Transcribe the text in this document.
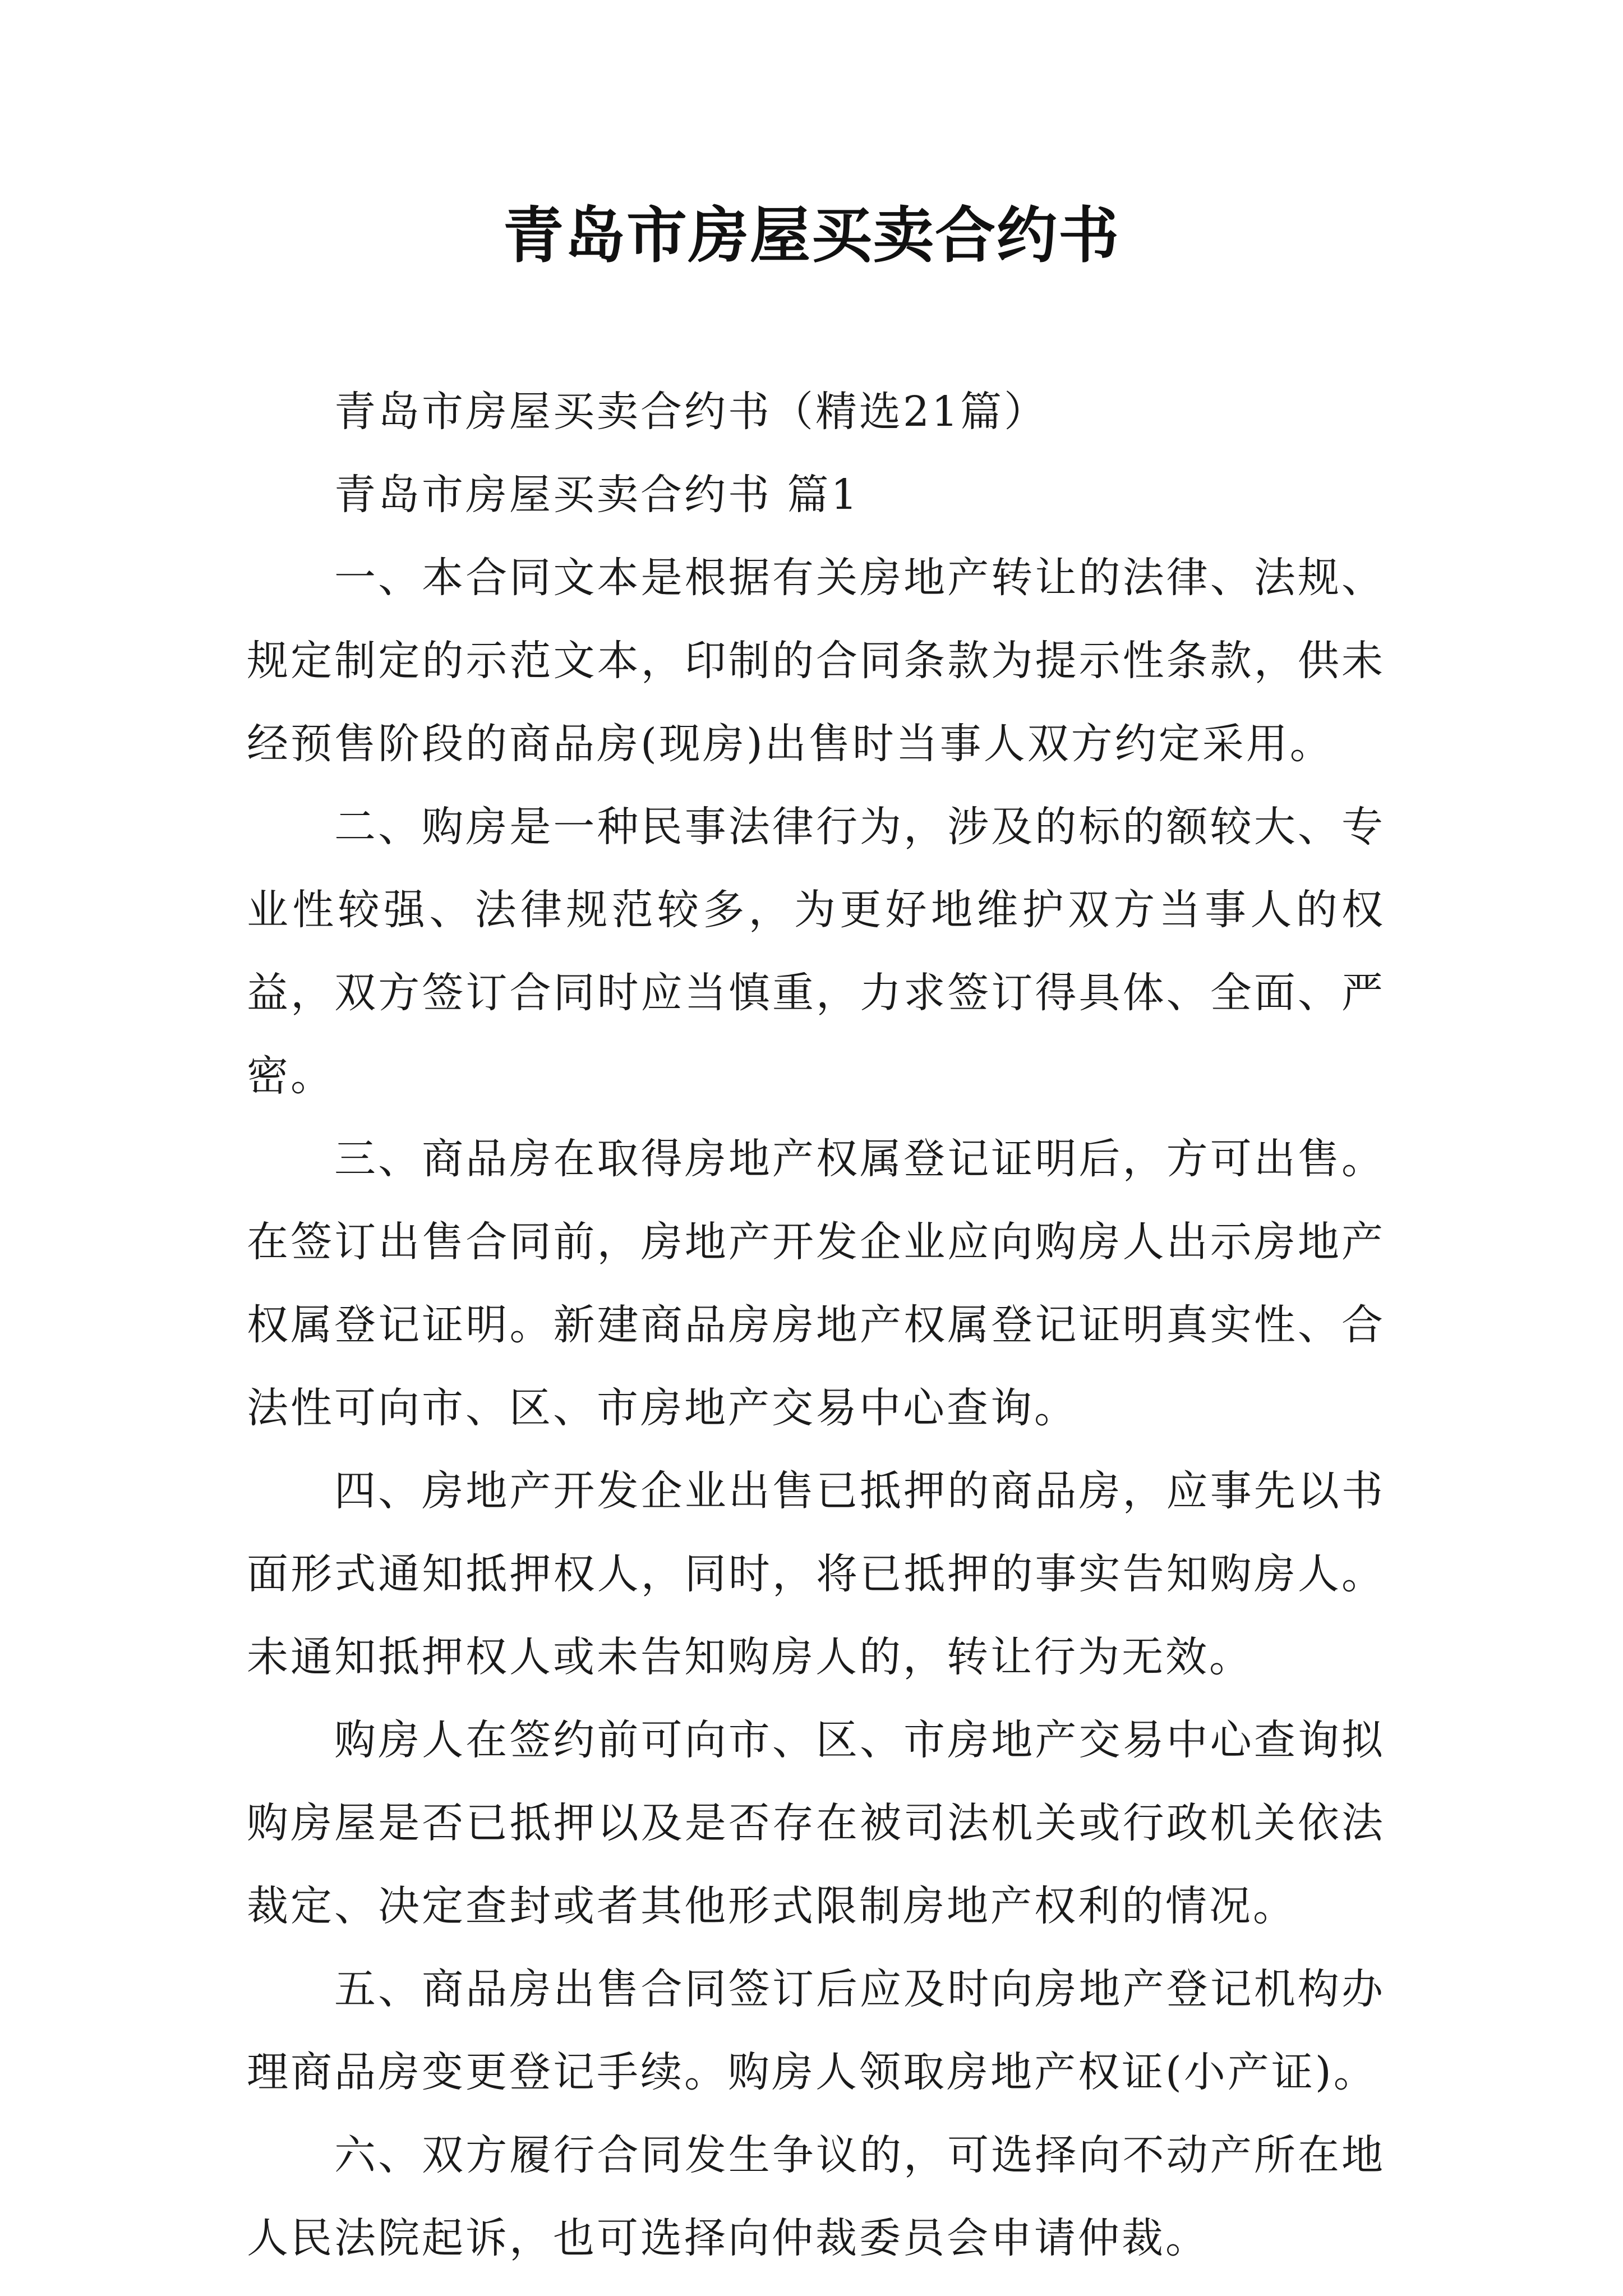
青岛市房屋买卖合约书

青岛市房屋买卖合约书（精选21篇）

青岛市房屋买卖合约书 篇1

一、本合同文本是根据有关房地产转让的法律、法规、规定制定的示范文本，印制的合同条款为提示性条款，供未经预售阶段的商品房(现房)出售时当事人双方约定采用。

二、购房是一种民事法律行为，涉及的标的额较大、专业性较强、法律规范较多，为更好地维护双方当事人的权益，双方签订合同时应当慎重，力求签订得具体、全面、严密。

三、商品房在取得房地产权属登记证明后，方可出售。在签订出售合同前，房地产开发企业应向购房人出示房地产权属登记证明。新建商品房房地产权属登记证明真实性、合法性可向市、区、市房地产交易中心查询。

四、房地产开发企业出售已抵押的商品房，应事先以书面形式通知抵押权人，同时，将已抵押的事实告知购房人。未通知抵押权人或未告知购房人的，转让行为无效。

购房人在签约前可向市、区、市房地产交易中心查询拟购房屋是否已抵押以及是否存在被司法机关或行政机关依法裁定、决定查封或者其他形式限制房地产权利的情况。

五、商品房出售合同签订后应及时向房地产登记机构办理商品房变更登记手续。购房人领取房地产权证(小产证)。

六、双方履行合同发生争议的，可选择向不动产所在地人民法院起诉，也可选择向仲裁委员会申请仲裁。
